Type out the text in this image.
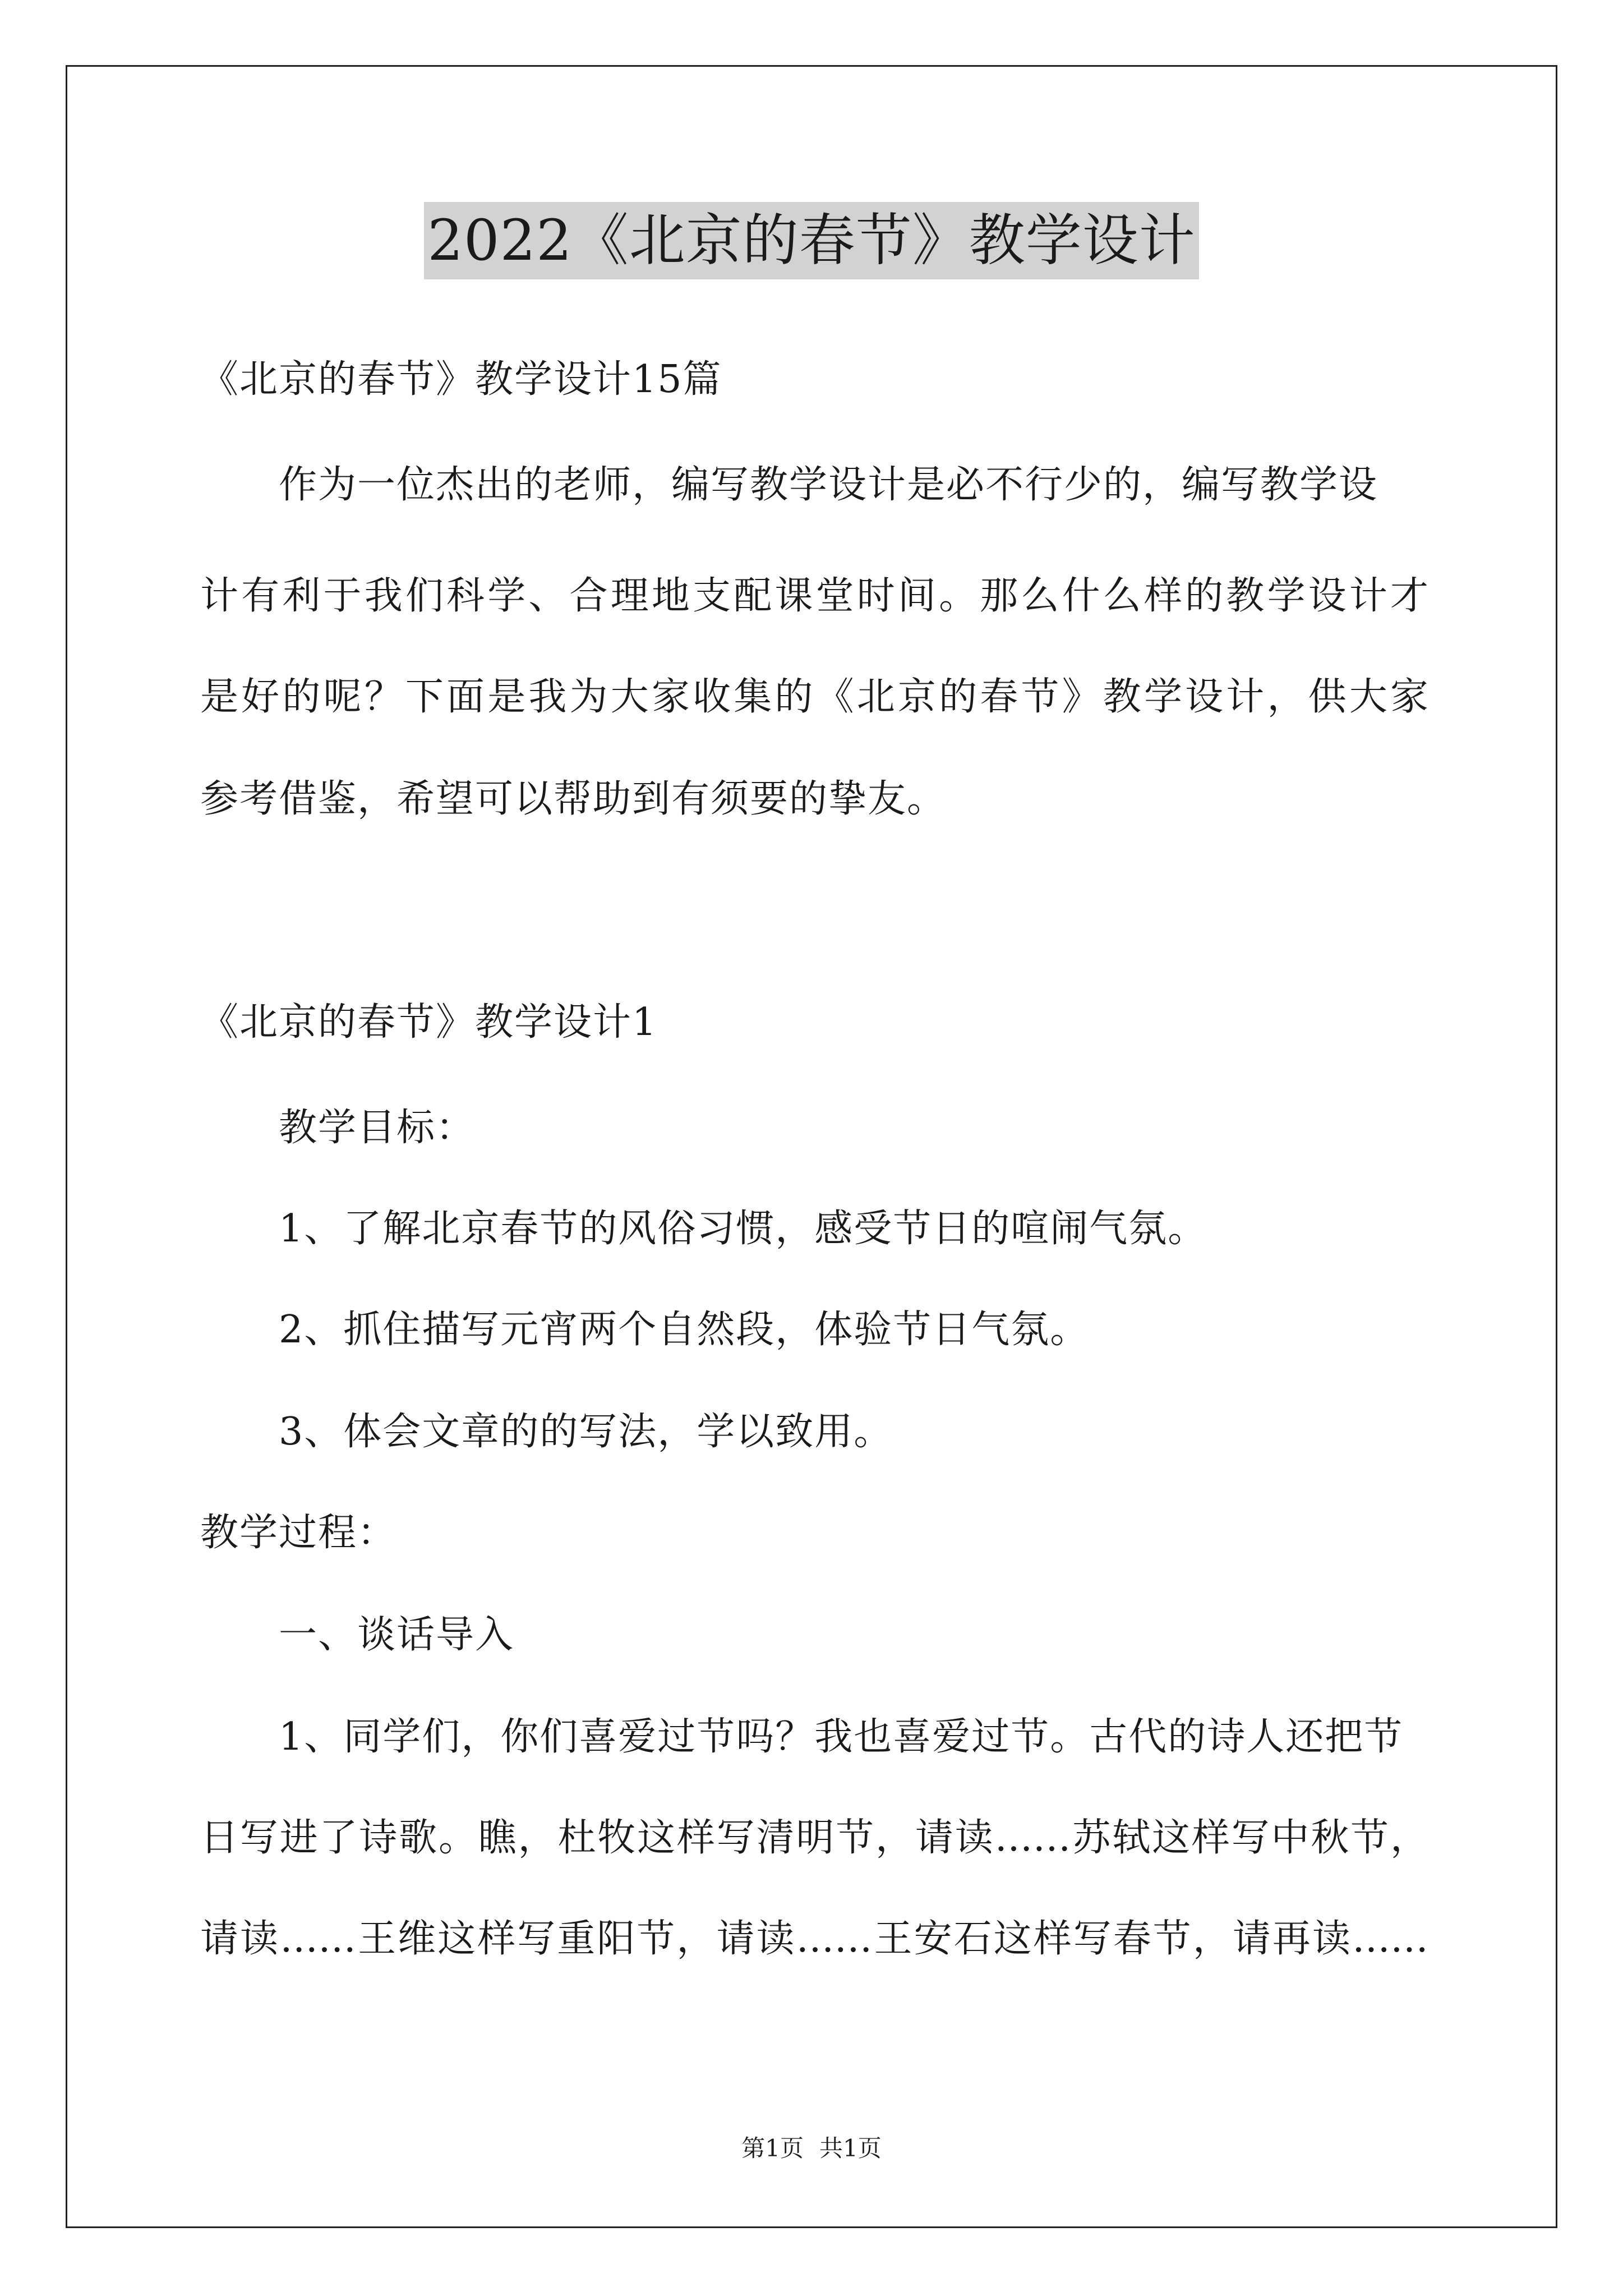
2022《北京的春节》教学设计
《北京的春节》教学设计15篇
作为一位杰出的老师，编写教学设计是必不行少的，编写教学设
计有利于我们科学、合理地支配课堂时间。那么什么样的教学设计才
是好的呢？下面是我为大家收集的《北京的春节》教学设计，供大家
参考借鉴，希望可以帮助到有须要的挚友。
《北京的春节》教学设计1
教学目标：
1、了解北京春节的风俗习惯，感受节日的喧闹气氛。
2、抓住描写元宵两个自然段，体验节日气氛。
3、体会文章的的写法，学以致用。
教学过程：
一、谈话导入
1、同学们，你们喜爱过节吗？我也喜爱过节。古代的诗人还把节
日写进了诗歌。瞧，杜牧这样写清明节，请读……苏轼这样写中秋节，
请读……王维这样写重阳节，请读……王安石这样写春节，请再读……
第1页 共1页
